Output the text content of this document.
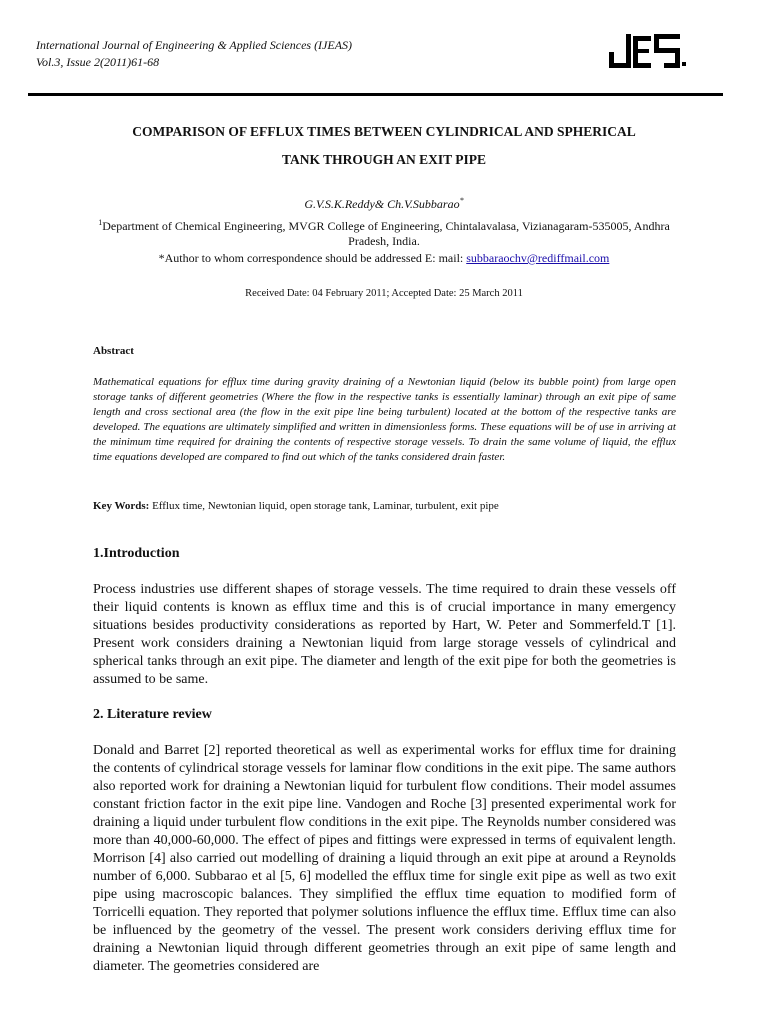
International Journal of Engineering & Applied Sciences (IJEAS)
Vol.3, Issue 2(2011)61-68
COMPARISON OF EFFLUX TIMES BETWEEN CYLINDRICAL AND SPHERICAL
TANK THROUGH AN EXIT PIPE
G.V.S.K.Reddy& Ch.V.Subbarao*
$^1$Department of Chemical Engineering, MVGR College of Engineering, Chintalavalasa, Vizianagaram-535005, Andhra Pradesh, India.
*Author to whom correspondence should be addressed E: mail: subbaraochv@rediffmail.com
Received Date: 04 February 2011; Accepted Date: 25 March 2011
Abstract
Mathematical equations for efflux time during gravity draining of a Newtonian liquid (below its bubble point) from large open storage tanks of different geometries (Where the flow in the respective tanks is essentially laminar) through an exit pipe of same length and cross sectional area (the flow in the exit pipe line being turbulent) located at the bottom of the respective tanks are developed. The equations are ultimately simplified and written in dimensionless forms. These equations will be of use in arriving at the minimum time required for draining the contents of respective storage vessels. To drain the same volume of liquid, the efflux time equations developed are compared to find out which of the tanks considered drain faster.
Key Words: Efflux time, Newtonian liquid, open storage tank, Laminar, turbulent, exit pipe
1.Introduction
Process industries use different shapes of storage vessels. The time required to drain these vessels off their liquid contents is known as efflux time and this is of crucial importance in many emergency situations besides productivity considerations as reported by Hart, W. Peter and Sommerfeld.T [1]. Present work considers draining a Newtonian liquid from large storage vessels of cylindrical and spherical tanks through an exit pipe. The diameter and length of the exit pipe for both the geometries is assumed to be same.
2. Literature review
Donald and Barret [2] reported theoretical as well as experimental works for efflux time for draining the contents of cylindrical storage vessels for laminar flow conditions in the exit pipe. The same authors also reported work for draining a Newtonian liquid for turbulent flow conditions. Their model assumes constant friction factor in the exit pipe line. Vandogen and Roche [3] presented experimental work for draining a liquid under turbulent flow conditions in the exit pipe. The Reynolds number considered was more than 40,000-60,000. The effect of pipes and fittings were expressed in terms of equivalent length. Morrison [4] also carried out modelling of draining a liquid through an exit pipe at around a Reynolds number of 6,000. Subbarao et al [5, 6] modelled the efflux time for single exit pipe as well as two exit pipe using macroscopic balances. They simplified the efflux time equation to modified form of Torricelli equation. They reported that polymer solutions influence the efflux time. Efflux time can also be influenced by the geometry of the vessel. The present work considers deriving efflux time for draining a Newtonian liquid through different geometries through an exit pipe of same length and diameter. The geometries considered are
